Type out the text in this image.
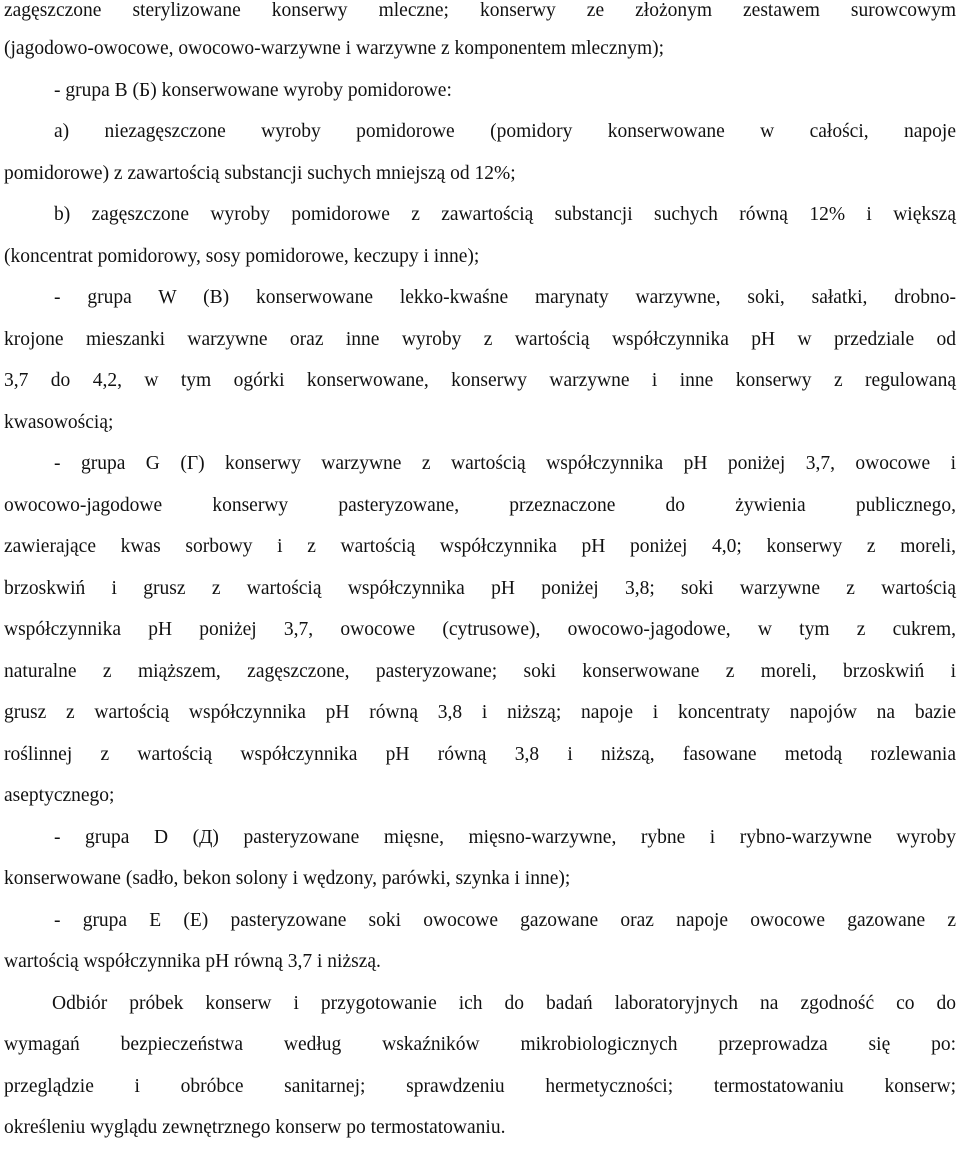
zagęszczone sterylizowane konserwy mleczne; konserwy ze złożonym zestawem surowcowym
(jagodowo-owocowe, owocowo-warzywne i warzywne z komponentem mlecznym);
- grupa B (Б) konserwowane wyroby pomidorowe:
a) niezagęszczone wyroby pomidorowe (pomidory konserwowane w całości, napoje
pomidorowe) z zawartością substancji suchych mniejszą od 12%;
b) zagęszczone wyroby pomidorowe z zawartością substancji suchych równą 12% i większą
(koncentrat pomidorowy, sosy pomidorowe, keczupy i inne);
- grupa W (В) konserwowane lekko-kwaśne marynaty warzywne, soki, sałatki, drobno-
krojone mieszanki warzywne oraz inne wyroby z wartością współczynnika pH w przedziale od
3,7 do 4,2, w tym ogórki konserwowane, konserwy warzywne i inne konserwy z regulowaną
kwasowością;
- grupa G (Г) konserwy warzywne z wartością współczynnika pH poniżej 3,7, owocowe i
owocowo-jagodowe konserwy pasteryzowane, przeznaczone do żywienia publicznego,
zawierające kwas sorbowy i z wartością współczynnika pH poniżej 4,0; konserwy z moreli,
brzoskwiń i grusz z wartością współczynnika pH poniżej 3,8; soki warzywne z wartością
współczynnika pH poniżej 3,7, owocowe (cytrusowe), owocowo-jagodowe, w tym z cukrem,
naturalne z miąższem, zagęszczone, pasteryzowane; soki konserwowane z moreli, brzoskwiń i
grusz z wartością współczynnika pH równą 3,8 i niższą; napoje i koncentraty napojów na bazie
roślinnej z wartością współczynnika pH równą 3,8 i niższą, fasowane metodą rozlewania
aseptycznego;
- grupa D (Д) pasteryzowane mięsne, mięsno-warzywne, rybne i rybno-warzywne wyroby
konserwowane (sadło, bekon solony i wędzony, parówki, szynka i inne);
- grupa E (Е) pasteryzowane soki owocowe gazowane oraz napoje owocowe gazowane z
wartością współczynnika pH równą 3,7 i niższą.
Odbiór próbek konserw i przygotowanie ich do badań laboratoryjnych na zgodność co do
wymagań bezpieczeństwa według wskaźników mikrobiologicznych przeprowadza się po:
przeglądzie i obróbce sanitarnej; sprawdzeniu hermetyczności; termostatowaniu konserw;
określeniu wyglądu zewnętrznego konserw po termostatowaniu.
